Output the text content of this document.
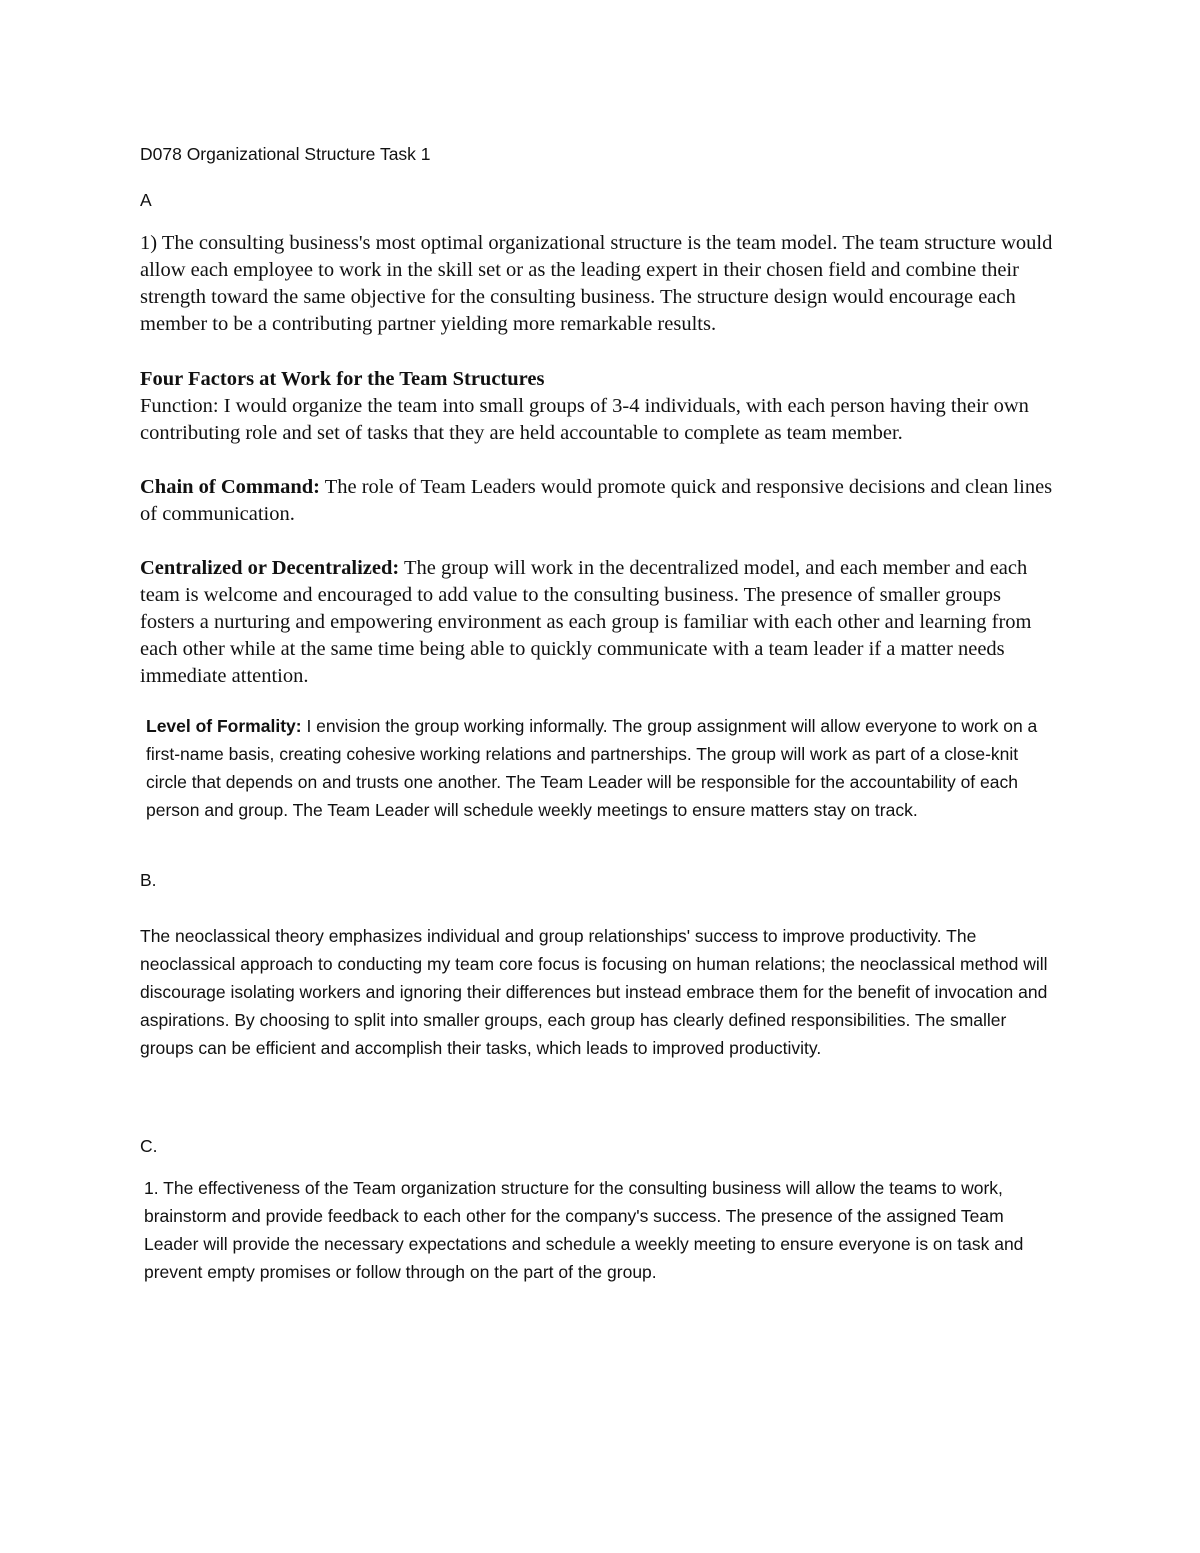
D078 Organizational Structure Task 1

A

1) The consulting business's most optimal organizational structure is the team model. The team structure would allow each employee to work in the skill set or as the leading expert in their chosen field and combine their strength toward the same objective for the consulting business. The structure design would encourage each member to be a contributing partner yielding more remarkable results.

Four Factors at Work for the Team Structures

Function: I would organize the team into small groups of 3-4 individuals, with each person having their own contributing role and set of tasks that they are held accountable to complete as team member.

Chain of Command: The role of Team Leaders would promote quick and responsive decisions and clean lines of communication.

Centralized or Decentralized: The group will work in the decentralized model, and each member and each team is welcome and encouraged to add value to the consulting business. The presence of smaller groups fosters a nurturing and empowering environment as each group is familiar with each other and learning from each other while at the same time being able to quickly communicate with a team leader if a matter needs immediate attention.

Level of Formality: I envision the group working informally. The group assignment will allow everyone to work on a first-name basis, creating cohesive working relations and partnerships. The group will work as part of a close-knit circle that depends on and trusts one another. The Team Leader will be responsible for the accountability of each person and group. The Team Leader will schedule weekly meetings to ensure matters stay on track.

B.

The neoclassical theory emphasizes individual and group relationships' success to improve productivity. The neoclassical approach to conducting my team core focus is focusing on human relations; the neoclassical method will discourage isolating workers and ignoring their differences but instead embrace them for the benefit of invocation and aspirations. By choosing to split into smaller groups, each group has clearly defined responsibilities. The smaller groups can be efficient and accomplish their tasks, which leads to improved productivity.

C.

1. The effectiveness of the Team organization structure for the consulting business will allow the teams to work, brainstorm and provide feedback to each other for the company's success. The presence of the assigned Team Leader will provide the necessary expectations and schedule a weekly meeting to ensure everyone is on task and prevent empty promises or follow through on the part of the group.
